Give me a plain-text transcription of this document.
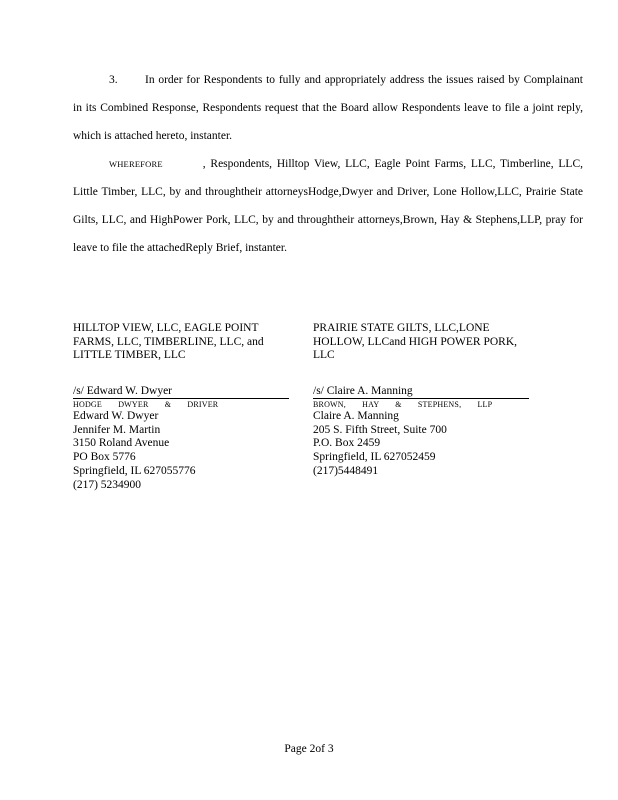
3. In order for Respondents to fully and appropriately address the issues raised by Complainant in its Combined Response, Respondents request that the Board allow Respondents leave to file a joint reply, which is attached hereto, instanter.

WHEREFORE	, Respondents, Hilltop View, LLC, Eagle Point Farms, LLC, Timberline, LLC, Little Timber, LLC, by and throughtheir attorneysHodge,Dwyer and Driver, Lone Hollow,LLC, Prairie State Gilts, LLC, and HighPower Pork, LLC, by and throughtheir attorneys,Brown, Hay & Stephens,LLP, pray for leave to file the attachedReply Brief, instanter.

HILLTOP VIEW, LLC, EAGLE POINT FARMS, LLC, TIMBERLINE, LLC, and LITTLE TIMBER, LLC

/s/ Edward W. Dwyer
HODGE DWYER & DRIVER

Edward W. Dwyer

Jennifer M. Martin

3150 Roland Avenue

PO Box 5776

Springfield, IL 627055776

(217) 5234900

PRAIRIE STATE GILTS, LLC,LONE HOLLOW, LLCand HIGH POWER PORK, LLC

/s/ Claire A. Manning
BROWN, HAY & STEPHENS, LLP

Claire A. Manning

205 S. Fifth Street, Suite 700

P.O. Box 2459

Springfield, IL 627052459

(217)5448491

Page 2of 3
